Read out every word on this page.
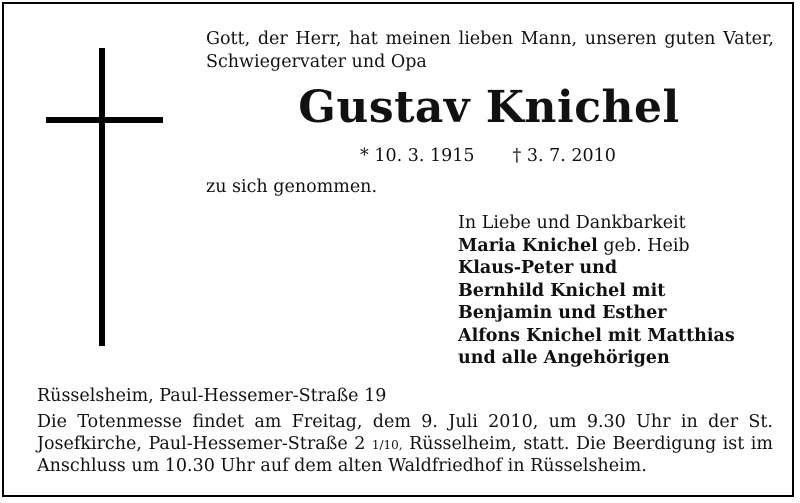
Gott, der Herr, hat meinen lieben Mann, unseren guten Vater,
Schwiegervater und Opa
Gustav Knichel
* 10. 3. 1915 † 3. 7. 2010
zu sich genommen.
In Liebe und Dankbarkeit
Maria Knichel geb. Heib
Klaus-Peter und
Bernhild Knichel mit
Benjamin und Esther
Alfons Knichel mit Matthias
und alle Angehörigen
Rüsselsheim, Paul-Hessemer-Straße 19
Die Totenmesse findet am Freitag, dem 9. Juli 2010, um 9.30 Uhr in der St. Josefkirche, Paul-Hessemer-Straße 2 1/10, Rüsselheim, statt. Die Beerdigung ist im Anschluss um 10.30 Uhr auf dem alten Waldfriedhof in Rüsselsheim.
